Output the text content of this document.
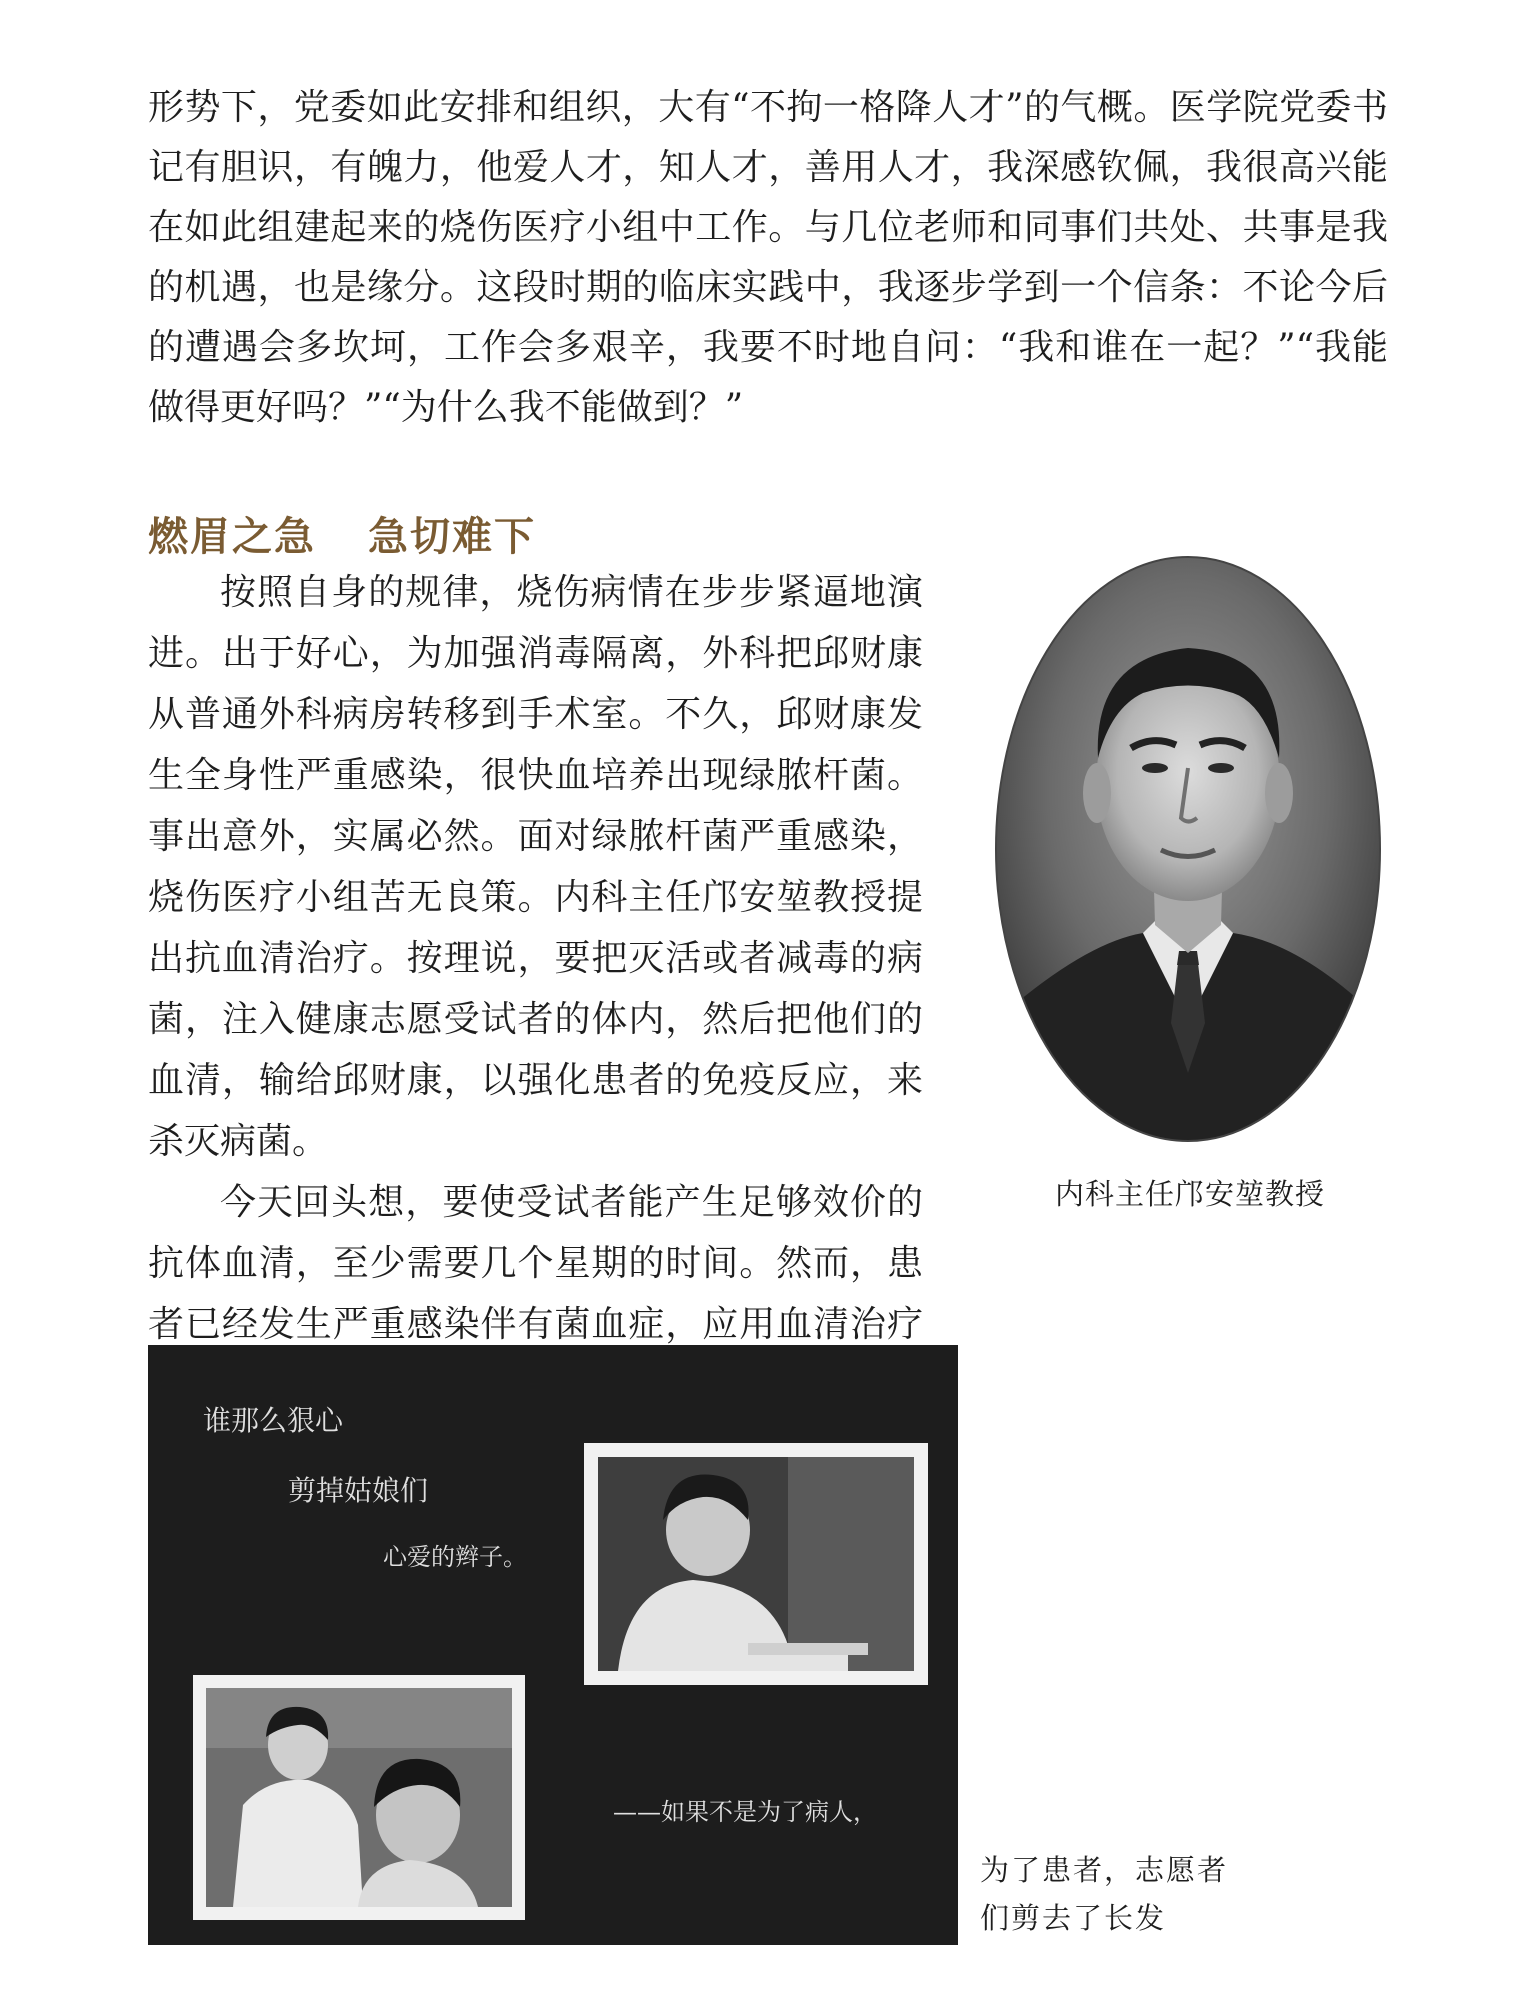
形势下，党委如此安排和组织，大有“不拘一格降人才”的气概。医学院党委书记有胆识，有魄力，他爱人才，知人才，善用人才，我深感钦佩，我很高兴能在如此组建起来的烧伤医疗小组中工作。与几位老师和同事们共处、共事是我的机遇，也是缘分。这段时期的临床实践中，我逐步学到一个信条：不论今后的遭遇会多坎坷，工作会多艰辛，我要不时地自问：“我和谁在一起？”“我能做得更好吗？”“为什么我不能做到？”

燃眉之急 急切难下

按照自身的规律，烧伤病情在步步紧逼地演进。出于好心，为加强消毒隔离，外科把邱财康从普通外科病房转移到手术室。不久，邱财康发生全身性严重感染，很快血培养出现绿脓杆菌。事出意外，实属必然。面对绿脓杆菌严重感染，烧伤医疗小组苦无良策。内科主任邝安堃教授提出抗血清治疗。按理说，要把灭活或者减毒的病菌，注入健康志愿受试者的体内，然后把他们的血清，输给邱财康，以强化患者的免疫反应，来杀灭病菌。

今天回头想，要使受试者能产生足够效价的抗体血清，至少需要几个星期的时间。然而，患者已经发生严重感染伴有菌血症，应用血清治疗

内科主任邝安堃教授
谁那么狠心
剪掉姑娘们
心爱的辫子。
——如果不是为了病人，
为了患者，志愿者
们剪去了长发
